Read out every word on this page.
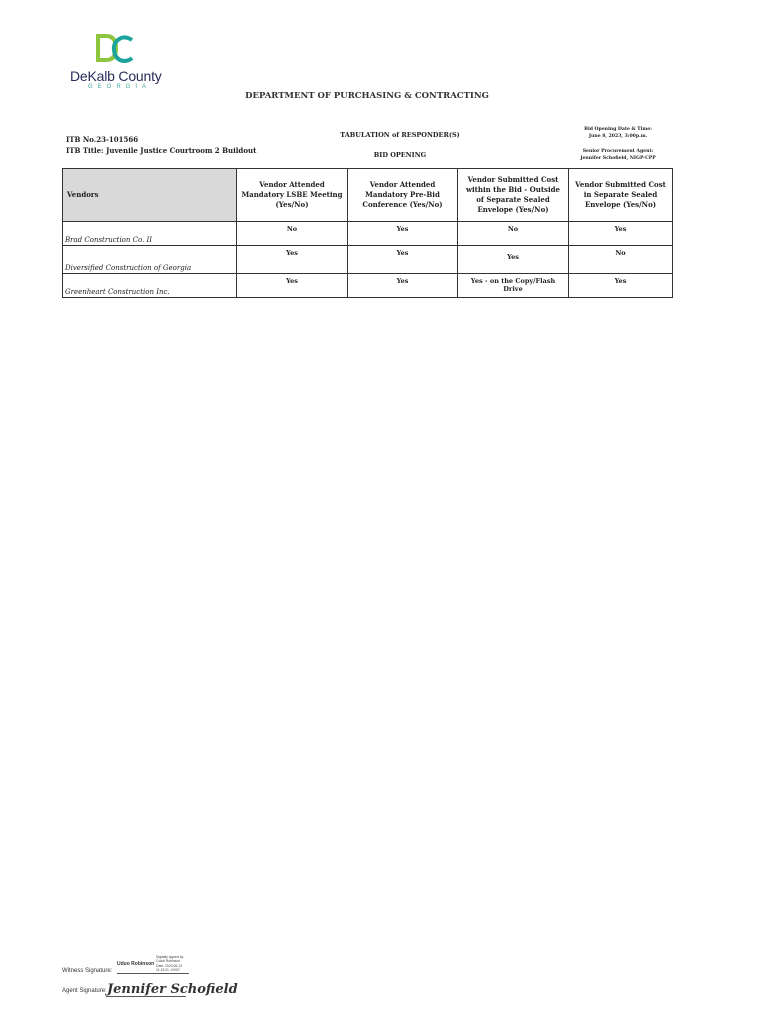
DeKalb County
GEORGIA
DEPARTMENT OF PURCHASING & CONTRACTING
ITB No.23-101566
ITB Title: Juvenile Justice Courtroom 2 Buildout
TABULATION of RESPONDER(S)
BID OPENING
Bid Opening Date & Time:
June 8, 2023, 3:00p.m.
Senior Procurement Agent:
Jennifer Schofield, NIGP-CPP
Vendors	Vendor Attended Mandatory LSBE Meeting (Yes/No)	Vendor Attended Mandatory Pre-Bid Conference (Yes/No)	Vendor Submitted Cost within the Bid - Outside of Separate Sealed Envelope (Yes/No)	Vendor Submitted Cost in Separate Sealed Envelope (Yes/No)
Brad Construction Co. II	No	Yes	No	Yes
Diversified Construction of Georgia	Yes	Yes	Yes	No
Greenheart Construction Inc.	Yes	Yes	Yes - on the Copy/Flash Drive	Yes
Witness Signature:
Uduo Robinson
Digitally signed by
Coddi Robinson
Date: 2023.06.13
11:13:21 -04'00'
Agent Signature: Jennifer Schofield
